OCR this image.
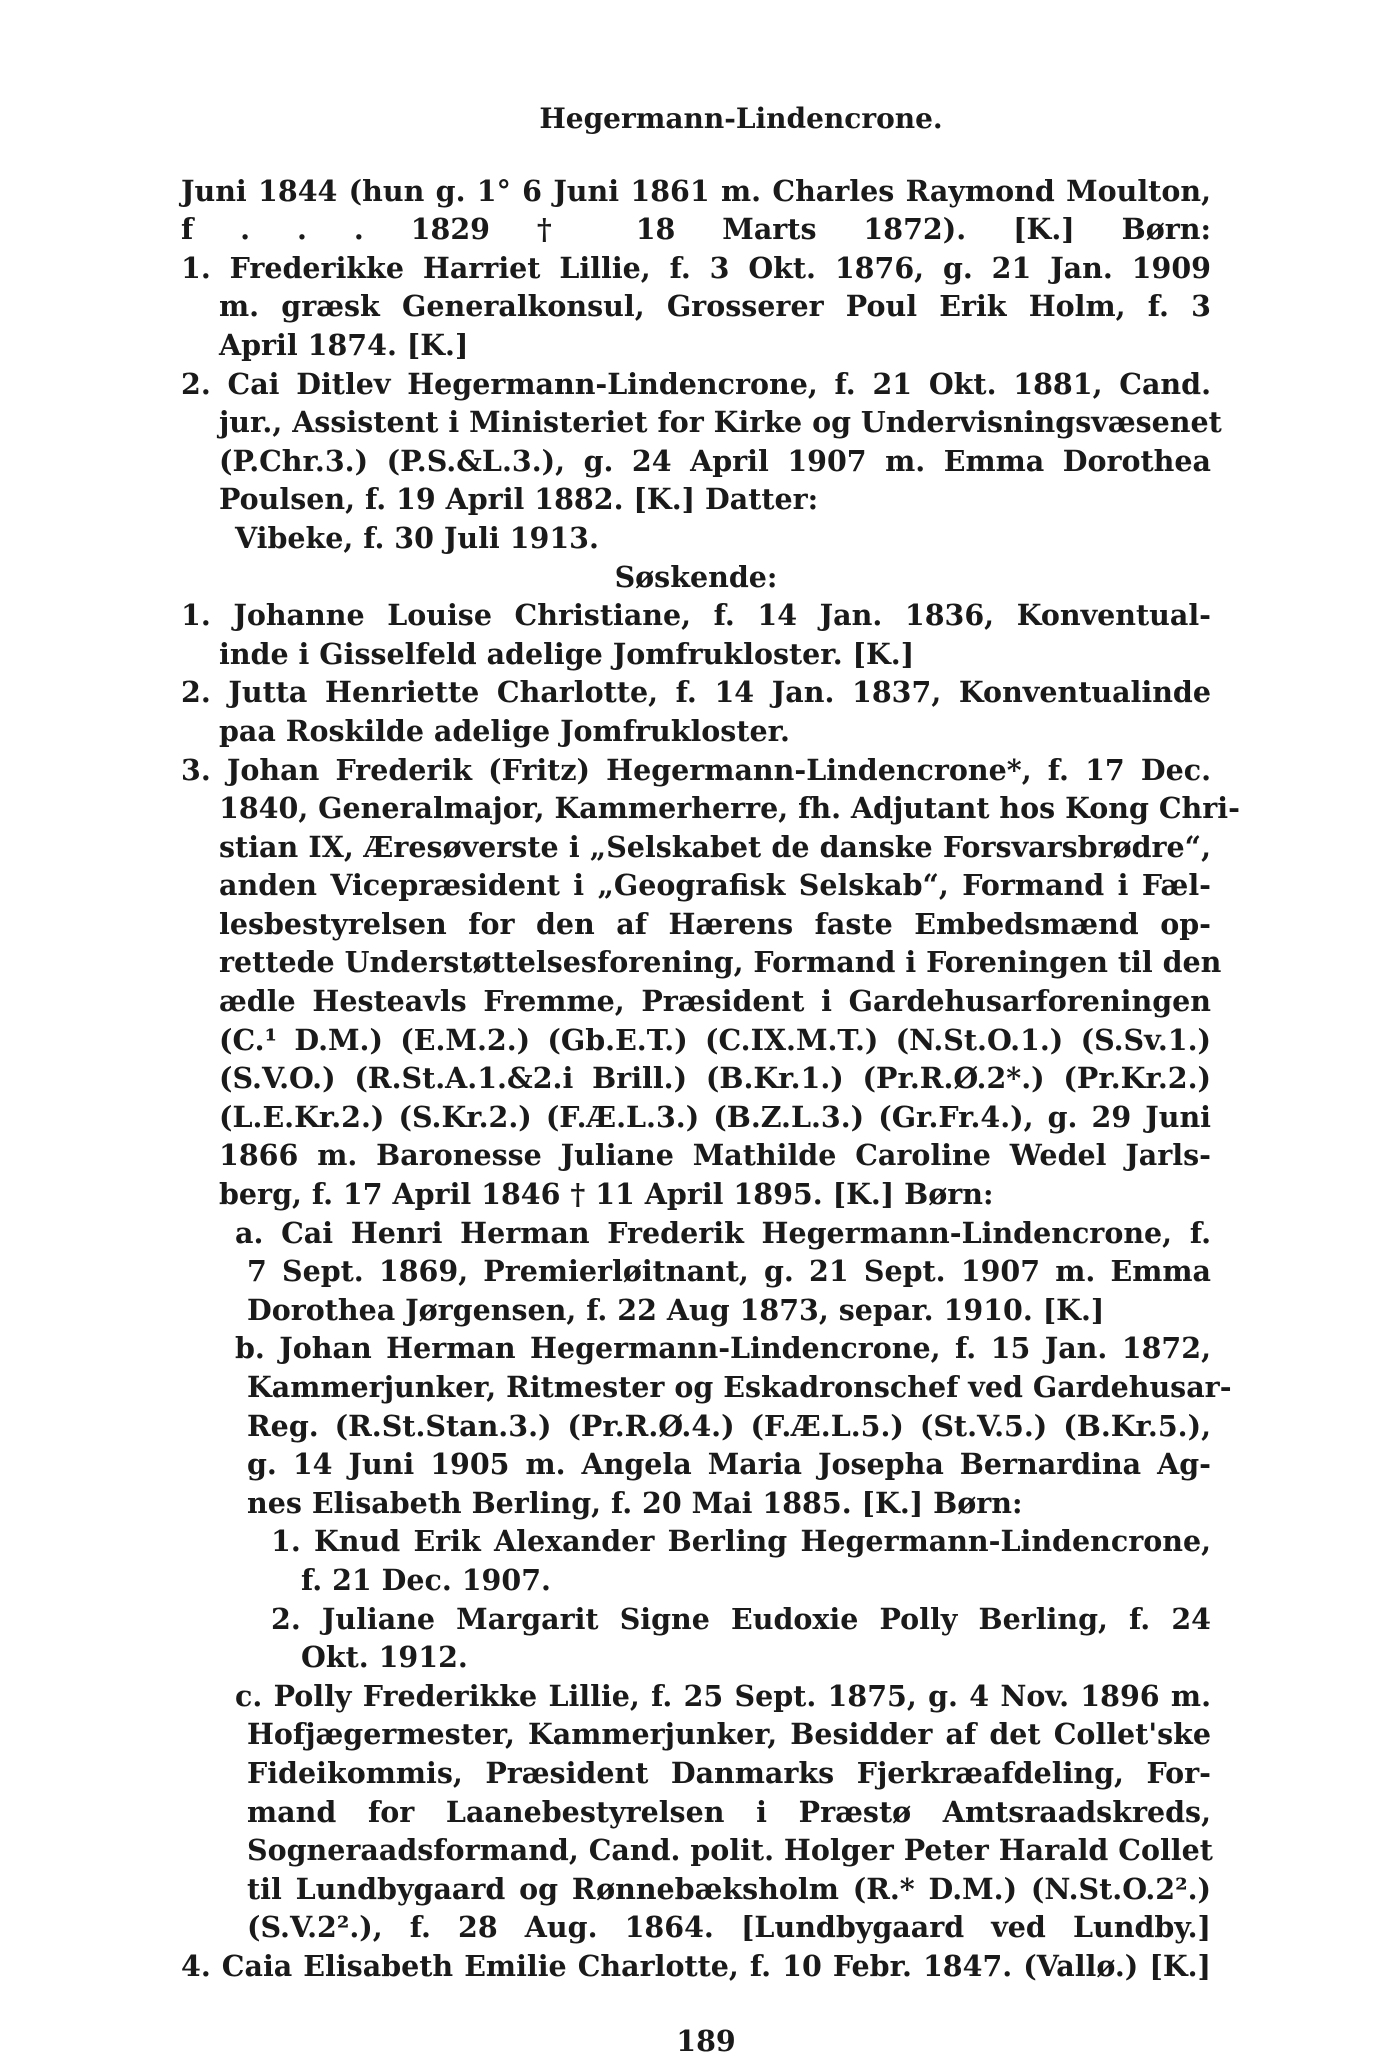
Hegermann-Lindencrone.
Juni 1844 (hun g. 1° 6 Juni 1861 m. Charles Raymond Moulton,
f . . . 1829 † 18 Marts 1872). [K.] Børn:
1. Frederikke Harriet Lillie, f. 3 Okt. 1876, g. 21 Jan. 1909
m. græsk Generalkonsul, Grosserer Poul Erik Holm, f. 3
April 1874. [K.]
2. Cai Ditlev Hegermann-Lindencrone, f. 21 Okt. 1881, Cand.
jur., Assistent i Ministeriet for Kirke og Undervisningsvæsenet
(P.Chr.3.) (P.S.&L.3.), g. 24 April 1907 m. Emma Dorothea
Poulsen, f. 19 April 1882. [K.] Datter:
Vibeke, f. 30 Juli 1913.
Søskende:
1. Johanne Louise Christiane, f. 14 Jan. 1836, Konventual-
inde i Gisselfeld adelige Jomfrukloster. [K.]
2. Jutta Henriette Charlotte, f. 14 Jan. 1837, Konventualinde
paa Roskilde adelige Jomfrukloster.
3. Johan Frederik (Fritz) Hegermann-Lindencrone*, f. 17 Dec.
1840, Generalmajor, Kammerherre, fh. Adjutant hos Kong Chri-
stian IX, Æresøverste i „Selskabet de danske Forsvarsbrødre“,
anden Vicepræsident i „Geografisk Selskab“, Formand i Fæl-
lesbestyrelsen for den af Hærens faste Embedsmænd op-
rettede Understøttelsesforening, Formand i Foreningen til den
ædle Hesteavls Fremme, Præsident i Gardehusarforeningen
(C.¹ D.M.) (E.M.2.) (Gb.E.T.) (C.IX.M.T.) (N.St.O.1.) (S.Sv.1.)
(S.V.O.) (R.St.A.1.&2.i Brill.) (B.Kr.1.) (Pr.R.Ø.2*.) (Pr.Kr.2.)
(L.E.Kr.2.) (S.Kr.2.) (F.Æ.L.3.) (B.Z.L.3.) (Gr.Fr.4.), g. 29 Juni
1866 m. Baronesse Juliane Mathilde Caroline Wedel Jarls-
berg, f. 17 April 1846 † 11 April 1895. [K.] Børn:
a. Cai Henri Herman Frederik Hegermann-Lindencrone, f.
7 Sept. 1869, Premierløitnant, g. 21 Sept. 1907 m. Emma
Dorothea Jørgensen, f. 22 Aug 1873, separ. 1910. [K.]
b. Johan Herman Hegermann-Lindencrone, f. 15 Jan. 1872,
Kammerjunker, Ritmester og Eskadronschef ved Gardehusar-
Reg. (R.St.Stan.3.) (Pr.R.Ø.4.) (F.Æ.L.5.) (St.V.5.) (B.Kr.5.),
g. 14 Juni 1905 m. Angela Maria Josepha Bernardina Ag-
nes Elisabeth Berling, f. 20 Mai 1885. [K.] Børn:
1. Knud Erik Alexander Berling Hegermann-Lindencrone,
f. 21 Dec. 1907.
2. Juliane Margarit Signe Eudoxie Polly Berling, f. 24
Okt. 1912.
c. Polly Frederikke Lillie, f. 25 Sept. 1875, g. 4 Nov. 1896 m.
Hofjægermester, Kammerjunker, Besidder af det Collet'ske
Fideikommis, Præsident Danmarks Fjerkræafdeling, For-
mand for Laanebestyrelsen i Præstø Amtsraadskreds,
Sogneraadsformand, Cand. polit. Holger Peter Harald Collet
til Lundbygaard og Rønnebæksholm (R.* D.M.) (N.St.O.2².)
(S.V.2².), f. 28 Aug. 1864. [Lundbygaard ved Lundby.]
4. Caia Elisabeth Emilie Charlotte, f. 10 Febr. 1847. (Vallø.) [K.]
189
